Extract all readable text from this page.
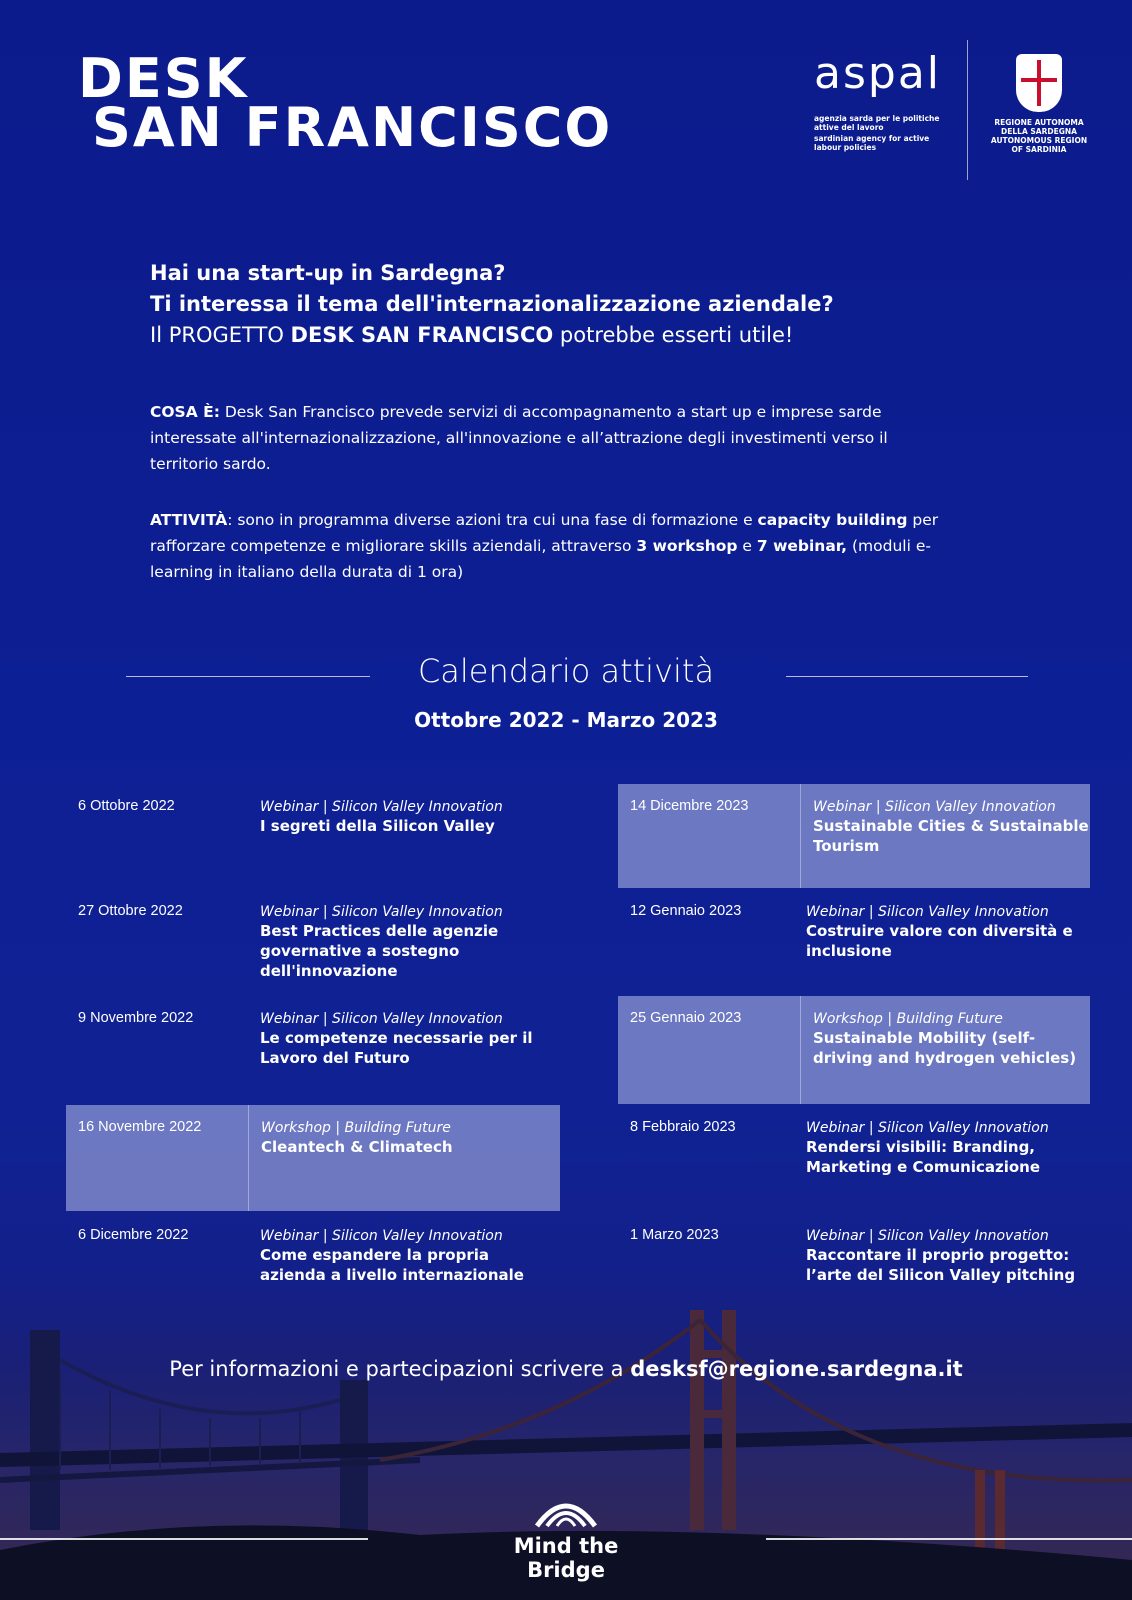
DESK
SAN FRANCISCO
aspal
agenzia sarda per le politiche attive del lavoro
sardinian agency for active labour policies
REGIONE AUTONOMA DELLA SARDEGNA
AUTONOMOUS REGION OF SARDINIA
Hai una start-up in Sardegna?
Ti interessa il tema dell'internazionalizzazione aziendale?
Il PROGETTO DESK SAN FRANCISCO potrebbe esserti utile!
COSA È: Desk San Francisco prevede servizi di accompagnamento a start up e imprese sarde interessate all'internazionalizzazione, all'innovazione e all’attrazione degli investimenti verso il territorio sardo.
ATTIVITÀ: sono in programma diverse azioni tra cui una fase di formazione e capacity building per rafforzare competenze e migliorare skills aziendali, attraverso 3 workshop e 7 webinar, (moduli e-learning in italiano della durata di 1 ora)
Calendario attività
Ottobre 2022 - Marzo 2023
6 Ottobre 2022	Webinar | Silicon Valley Innovation
I segreti della Silicon Valley
27 Ottobre 2022	Webinar | Silicon Valley Innovation
Best Practices delle agenzie governative a sostegno dell'innovazione
9 Novembre 2022	Webinar | Silicon Valley Innovation
Le competenze necessarie per il Lavoro del Futuro
16 Novembre 2022	Workshop | Building Future
Cleantech & Climatech
6 Dicembre 2022	Webinar | Silicon Valley Innovation
Come espandere la propria azienda a livello internazionale
14 Dicembre 2023	Webinar | Silicon Valley Innovation
Sustainable Cities & Sustainable Tourism
12 Gennaio 2023	Webinar | Silicon Valley Innovation
Costruire valore con diversità e inclusione
25 Gennaio 2023	Workshop | Building Future
Sustainable Mobility (self-driving and hydrogen vehicles)
8 Febbraio 2023	Webinar | Silicon Valley Innovation
Rendersi visibili: Branding, Marketing e Comunicazione
1 Marzo 2023	Webinar | Silicon Valley Innovation
Raccontare il proprio progetto: l’arte del Silicon Valley pitching
Per informazioni e partecipazioni scrivere a desksf@regione.sardegna.it
Mind the Bridge
